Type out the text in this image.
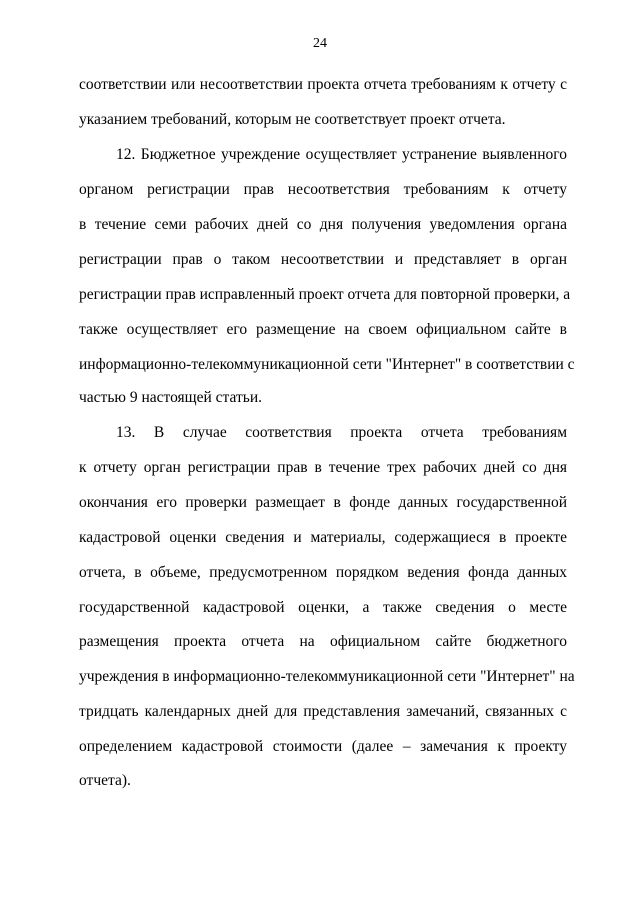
24
соответствии или несоответствии проекта отчета требованиям к отчету с
указанием требований, которым не соответствует проект отчета.
12. Бюджетное учреждение осуществляет устранение выявленного
органом регистрации прав несоответствия требованиям к отчету
в течение семи рабочих дней со дня получения уведомления органа
регистрации прав о таком несоответствии и представляет в орган
регистрации прав исправленный проект отчета для повторной проверки, а
также осуществляет его размещение на своем официальном сайте в
информационно-телекоммуникационной сети "Интернет" в соответствии с
частью 9 настоящей статьи.
13. В случае соответствия проекта отчета требованиям
к отчету орган регистрации прав в течение трех рабочих дней со дня
окончания его проверки размещает в фонде данных государственной
кадастровой оценки сведения и материалы, содержащиеся в проекте
отчета, в объеме, предусмотренном порядком ведения фонда данных
государственной кадастровой оценки, а также сведения о месте
размещения проекта отчета на официальном сайте бюджетного
учреждения в информационно-телекоммуникационной сети "Интернет" на
тридцать календарных дней для представления замечаний, связанных с
определением кадастровой стоимости (далее – замечания к проекту
отчета).
